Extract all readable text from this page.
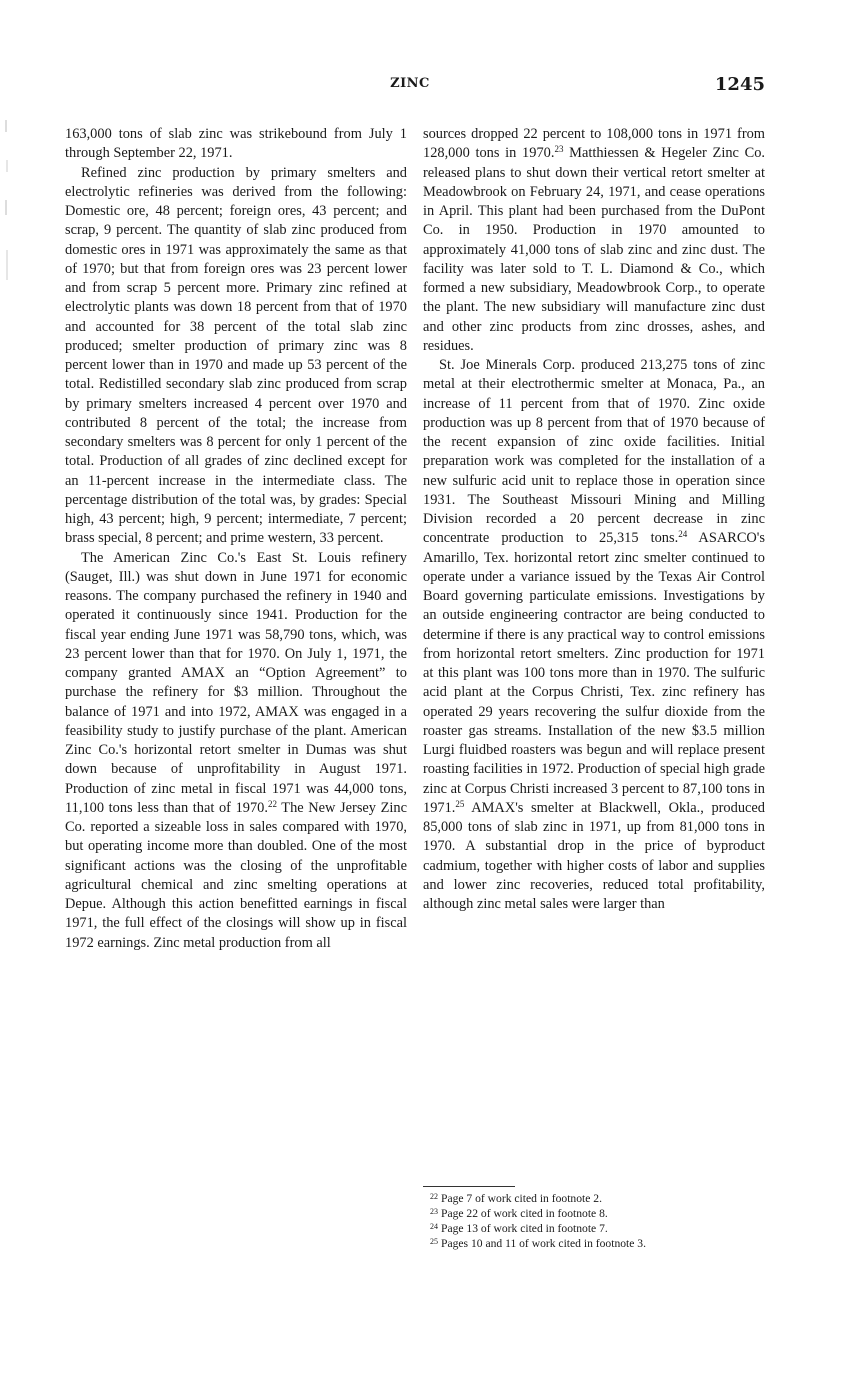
ZINC	1245

163,000 tons of slab zinc was strikebound from July 1 through September 22, 1971.

Refined zinc production by primary smelters and electrolytic refineries was derived from the following: Domestic ore, 48 percent; foreign ores, 43 percent; and scrap, 9 percent. The quantity of slab zinc produced from domestic ores in 1971 was approximately the same as that of 1970; but that from foreign ores was 23 percent lower and from scrap 5 percent more. Primary zinc refined at electrolytic plants was down 18 percent from that of 1970 and accounted for 38 percent of the total slab zinc produced; smelter production of primary zinc was 8 percent lower than in 1970 and made up 53 percent of the total. Redistilled secondary slab zinc produced from scrap by primary smelters increased 4 percent over 1970 and contributed 8 percent of the total; the increase from secondary smelters was 8 percent for only 1 percent of the total. Production of all grades of zinc declined except for an 11-percent increase in the intermediate class. The percentage distribution of the total was, by grades: Special high, 43 percent; high, 9 percent; intermediate, 7 percent; brass special, 8 percent; and prime western, 33 percent.

The American Zinc Co.'s East St. Louis refinery (Sauget, Ill.) was shut down in June 1971 for economic reasons. The company purchased the refinery in 1940 and operated it continuously since 1941. Production for the fiscal year ending June 1971 was 58,790 tons, which, was 23 percent lower than that for 1970. On July 1, 1971, the company granted AMAX an “Option Agreement” to purchase the refinery for $3 million. Throughout the balance of 1971 and into 1972, AMAX was engaged in a feasibility study to justify purchase of the plant. American Zinc Co.'s horizontal retort smelter in Dumas was shut down because of unprofitability in August 1971. Production of zinc metal in fiscal 1971 was 44,000 tons, 11,100 tons less than that of 1970.22 The New Jersey Zinc Co. reported a sizeable loss in sales compared with 1970, but operating income more than doubled. One of the most significant actions was the closing of the unprofitable agricultural chemical and zinc smelting operations at Depue. Although this action benefitted earnings in fiscal 1971, the full effect of the closings will show up in fiscal 1972 earnings. Zinc metal production from all

sources dropped 22 percent to 108,000 tons in 1971 from 128,000 tons in 1970.23 Matthiessen & Hegeler Zinc Co. released plans to shut down their vertical retort smelter at Meadowbrook on February 24, 1971, and cease operations in April. This plant had been purchased from the DuPont Co. in 1950. Production in 1970 amounted to approximately 41,000 tons of slab zinc and zinc dust. The facility was later sold to T. L. Diamond & Co., which formed a new subsidiary, Meadowbrook Corp., to operate the plant. The new subsidiary will manufacture zinc dust and other zinc products from zinc drosses, ashes, and residues.

St. Joe Minerals Corp. produced 213,275 tons of zinc metal at their electrothermic smelter at Monaca, Pa., an increase of 11 percent from that of 1970. Zinc oxide production was up 8 percent from that of 1970 because of the recent expansion of zinc oxide facilities. Initial preparation work was completed for the installation of a new sulfuric acid unit to replace those in operation since 1931. The Southeast Missouri Mining and Milling Division recorded a 20 percent decrease in zinc concentrate production to 25,315 tons.$^{24}$ ASARCO's Amarillo, Tex. horizontal retort zinc smelter continued to operate under a variance issued by the Texas Air Control Board governing particulate emissions. Investigations by an outside engineering contractor are being conducted to determine if there is any practical way to control emissions from horizontal retort smelters. Zinc production for 1971 at this plant was 100 tons more than in 1970. The sulfuric acid plant at the Corpus Christi, Tex. zinc refinery has operated 29 years recovering the sulfur dioxide from the roaster gas streams. Installation of the new $3.5 million Lurgi fluidbed roasters was begun and will replace present roasting facilities in 1972. Production of special high grade zinc at Corpus Christi increased 3 percent to 87,100 tons in 1971.25 AMAX's smelter at Blackwell, Okla., produced 85,000 tons of slab zinc in 1971, up from 81,000 tons in 1970. A substantial drop in the price of byproduct cadmium, together with higher costs of labor and supplies and lower zinc recoveries, reduced total profitability, although zinc metal sales were larger than

$^{22}$ Page 7 of work cited in footnote 2.

$^{23}$ Page 22 of work cited in footnote 8.

$^{24}$ Page 13 of work cited in footnote 7.

$^{25}$ Pages 10 and 11 of work cited in footnote 3.
